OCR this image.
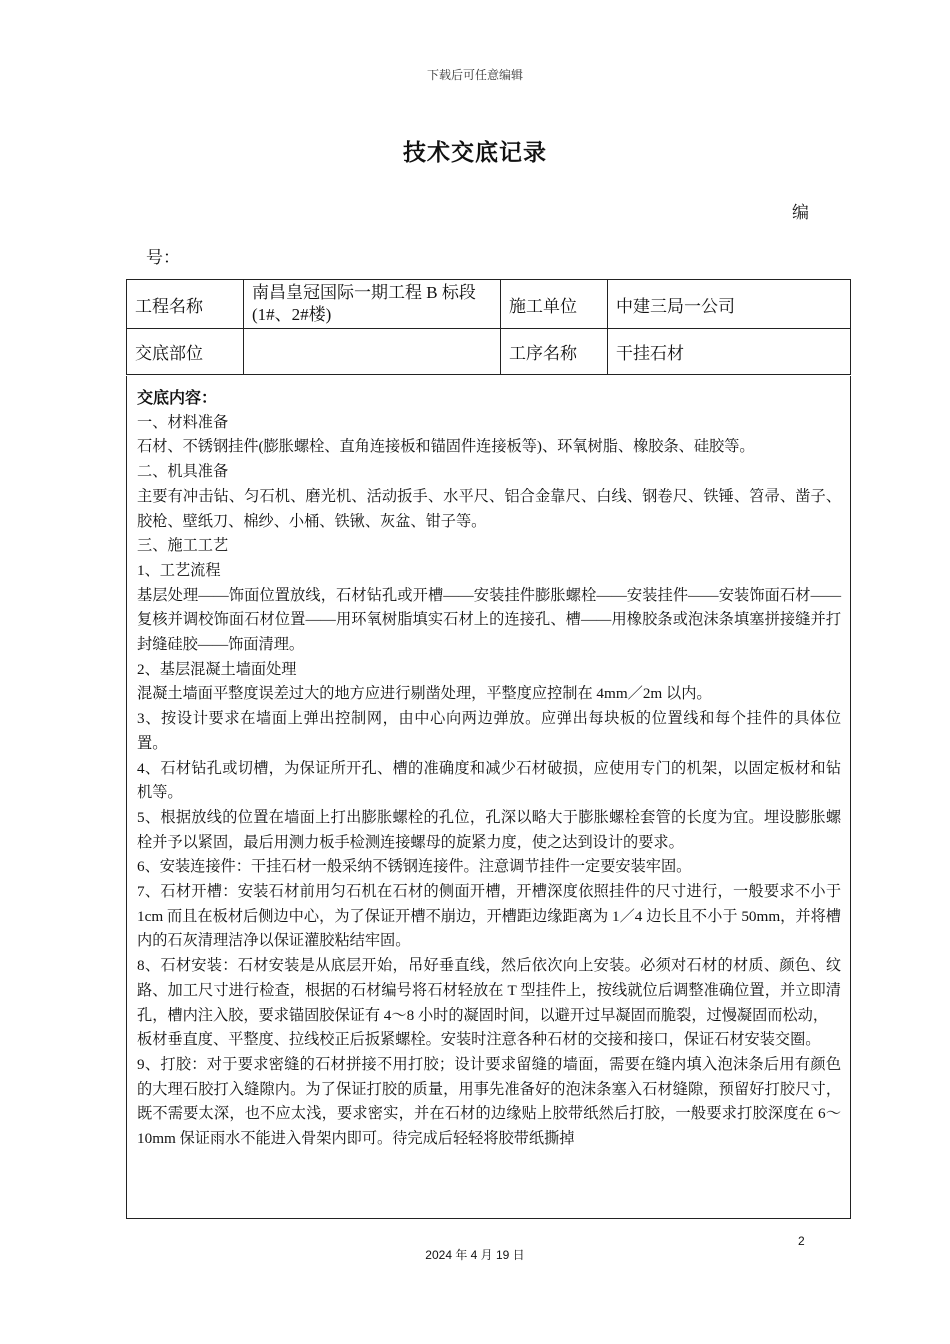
下载后可任意编辑
技术交底记录
编
号：
工程名称	南昌皇冠国际一期工程 B 标段(1#、2#楼)	施工单位	中建三局一公司
交底部位		工序名称	干挂石材
交底内容：

一、材料准备

石材、不锈钢挂件(膨胀螺栓、直角连接板和锚固件连接板等)、环氧树脂、橡胶条、硅胶等。

二、机具准备

主要有冲击钻、匀石机、磨光机、活动扳手、水平尺、铝合金靠尺、白线、钢卷尺、铁锤、笤帚、凿子、胶枪、壁纸刀、棉纱、小桶、铁锹、灰盆、钳子等。

三、施工工艺

1、工艺流程

基层处理——饰面位置放线，石材钻孔或开槽——安装挂件膨胀螺栓——安装挂件——安装饰面石材——复核并调校饰面石材位置——用环氧树脂填实石材上的连接孔、槽——用橡胶条或泡沫条填塞拼接缝并打封缝硅胶——饰面清理。

2、基层混凝土墙面处理

混凝土墙面平整度误差过大的地方应进行剔凿处理，平整度应控制在 4mm／2m 以内。

3、按设计要求在墙面上弹出控制网，由中心向两边弹放。应弹出每块板的位置线和每个挂件的具体位置。

4、石材钻孔或切槽，为保证所开孔、槽的准确度和减少石材破损，应使用专门的机架，以固定板材和钻机等。

5、根据放线的位置在墙面上打出膨胀螺栓的孔位，孔深以略大于膨胀螺栓套管的长度为宜。埋设膨胀螺栓并予以紧固，最后用测力板手检测连接螺母的旋紧力度，使之达到设计的要求。

6、安装连接件：干挂石材一般采纳不锈钢连接件。注意调节挂件一定要安装牢固。

7、石材开槽：安装石材前用匀石机在石材的侧面开槽，开槽深度依照挂件的尺寸进行，一般要求不小于 1cm 而且在板材后侧边中心，为了保证开槽不崩边，开槽距边缘距离为 1／4 边长且不小于 50mm，并将槽内的石灰清理洁净以保证灌胶粘结牢固。

8、石材安装：石材安装是从底层开始，吊好垂直线，然后依次向上安装。必须对石材的材质、颜色、纹路、加工尺寸进行检查，根据的石材编号将石材轻放在 T 型挂件上，按线就位后调整准确位置，并立即清孔，槽内注入胶，要求锚固胶保证有 4～8 小时的凝固时间，以避开过早凝固而脆裂，过慢凝固而松动，

板材垂直度、平整度、拉线校正后扳紧螺栓。安装时注意各种石材的交接和接口，保证石材安装交圈。

9、打胶：对于要求密缝的石材拼接不用打胶；设计要求留缝的墙面，需要在缝内填入泡沫条后用有颜色的大理石胶打入缝隙内。为了保证打胶的质量，用事先准备好的泡沫条塞入石材缝隙，预留好打胶尺寸，既不需要太深，也不应太浅，要求密实，并在石材的边缘贴上胶带纸然后打胶，一般要求打胶深度在 6～10mm 保证雨水不能进入骨架内即可。待完成后轻轻将胶带纸撕掉

2
2024 年 4 月 19 日
